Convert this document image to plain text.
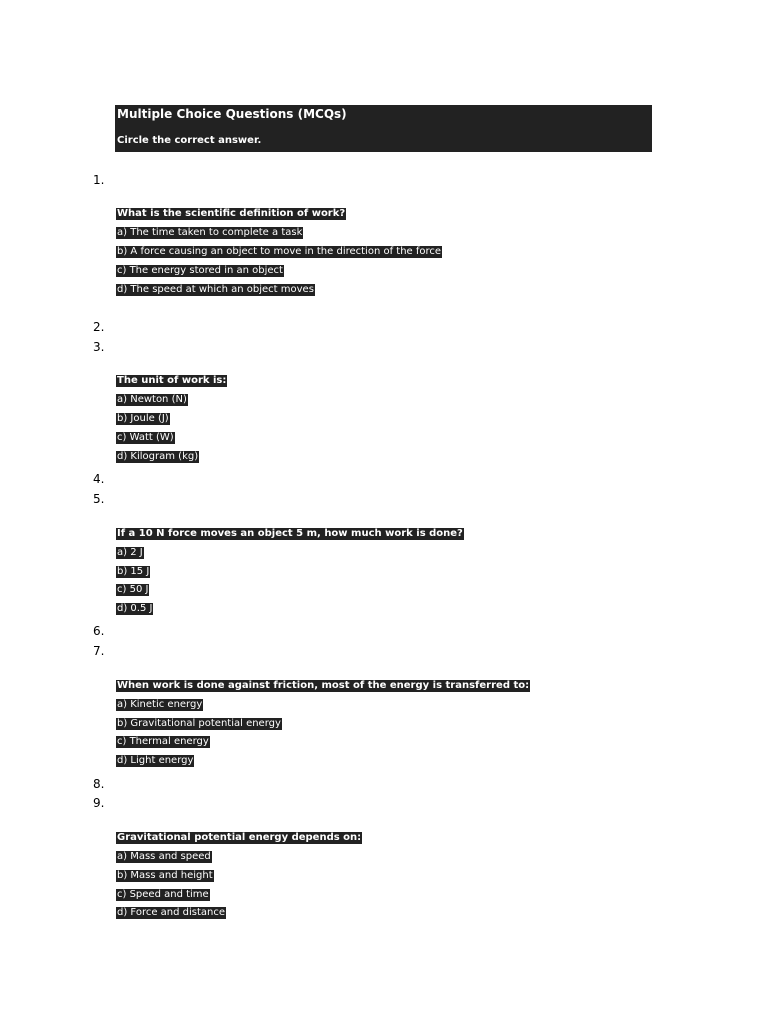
Multiple Choice Questions (MCQs)
Circle the correct answer.
1.
What is the scientific definition of work?
a) The time taken to complete a task
b) A force causing an object to move in the direction of the force
c) The energy stored in an object
d) The speed at which an object moves
2.
3.
The unit of work is:
a) Newton (N)
b) Joule (J)
c) Watt (W)
d) Kilogram (kg)
4.
5.
If a 10 N force moves an object 5 m, how much work is done?
a) 2 J
b) 15 J
c) 50 J
d) 0.5 J
6.
7.
When work is done against friction, most of the energy is transferred to:
a) Kinetic energy
b) Gravitational potential energy
c) Thermal energy
d) Light energy
8.
9.
Gravitational potential energy depends on:
a) Mass and speed
b) Mass and height
c) Speed and time
d) Force and distance
